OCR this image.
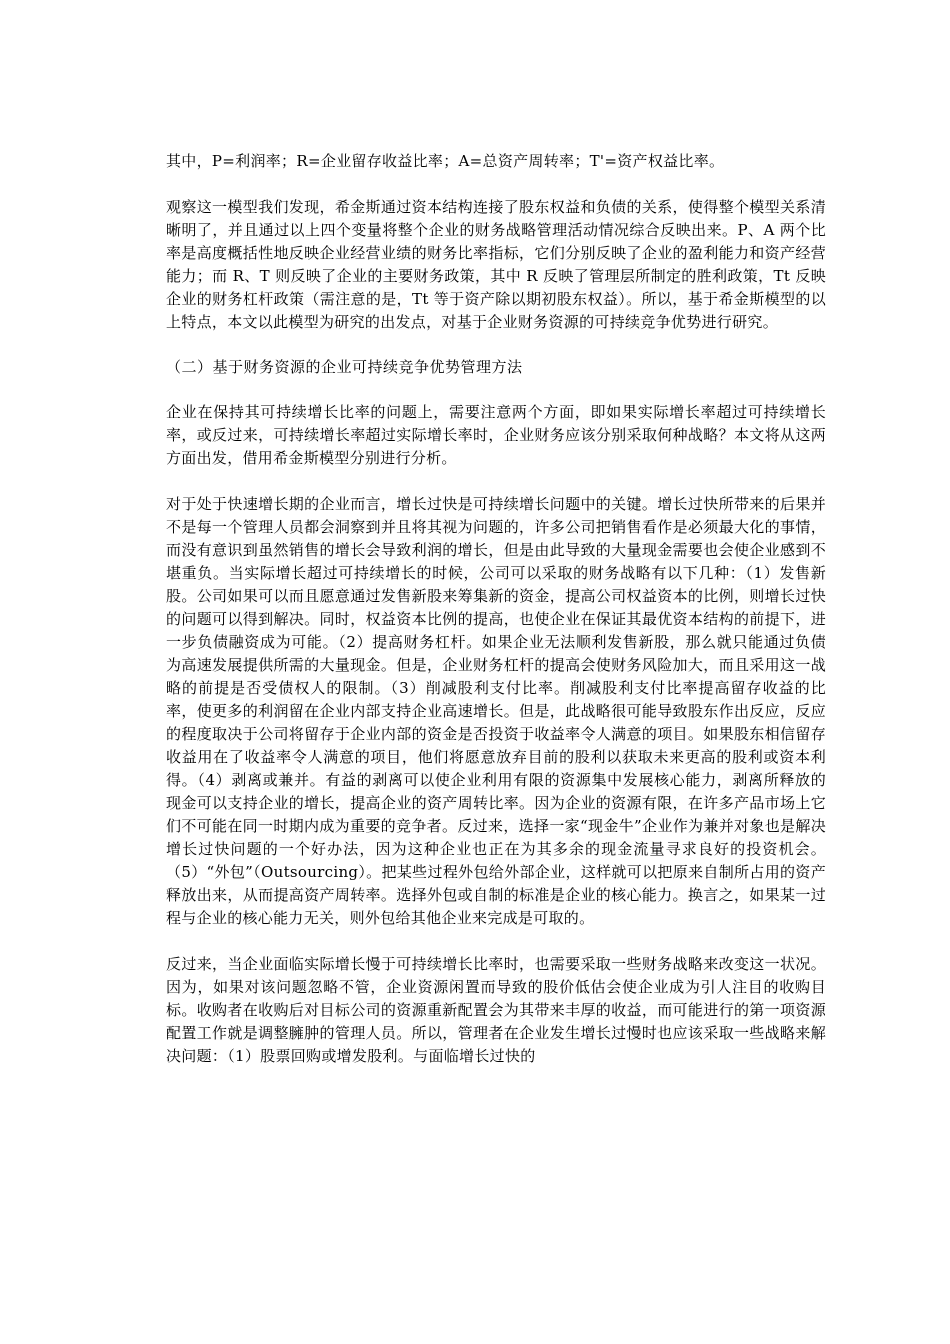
其中，P=利润率；R=企业留存收益比率；A=总资产周转率；T'=资产权益比率。

观察这一模型我们发现，希金斯通过资本结构连接了股东权益和负债的关系，使得整个模型关系清晰明了，并且通过以上四个变量将整个企业的财务战略管理活动情况综合反映出来。P、A 两个比率是高度概括性地反映企业经营业绩的财务比率指标，它们分别反映了企业的盈利能力和资产经营能力；而 R、T 则反映了企业的主要财务政策，其中 R 反映了管理层所制定的胜利政策，Tt 反映企业的财务杠杆政策（需注意的是，Tt 等于资产除以期初股东权益）。所以，基于希金斯模型的以上特点，本文以此模型为研究的出发点，对基于企业财务资源的可持续竞争优势进行研究。

（二）基于财务资源的企业可持续竞争优势管理方法

企业在保持其可持续增长比率的问题上，需要注意两个方面，即如果实际增长率超过可持续增长率，或反过来，可持续增长率超过实际增长率时，企业财务应该分别采取何种战略？本文将从这两方面出发，借用希金斯模型分别进行分析。

对于处于快速增长期的企业而言，增长过快是可持续增长问题中的关键。增长过快所带来的后果并不是每一个管理人员都会洞察到并且将其视为问题的，许多公司把销售看作是必须最大化的事情，而没有意识到虽然销售的增长会导致利润的增长，但是由此导致的大量现金需要也会使企业感到不堪重负。当实际增长超过可持续增长的时候，公司可以采取的财务战略有以下几种：（1）发售新股。公司如果可以而且愿意通过发售新股来筹集新的资金，提高公司权益资本的比例，则增长过快的问题可以得到解决。同时，权益资本比例的提高，也使企业在保证其最优资本结构的前提下，进一步负债融资成为可能。（2）提高财务杠杆。如果企业无法顺利发售新股，那么就只能通过负债为高速发展提供所需的大量现金。但是，企业财务杠杆的提高会使财务风险加大，而且采用这一战略的前提是否受债权人的限制。（3）削减股利支付比率。削减股利支付比率提高留存收益的比率，使更多的利润留在企业内部支持企业高速增长。但是，此战略很可能导致股东作出反应，反应的程度取决于公司将留存于企业内部的资金是否投资于收益率令人满意的项目。如果股东相信留存收益用在了收益率令人满意的项目，他们将愿意放弃目前的股利以获取未来更高的股利或资本利得。（4）剥离或兼并。有益的剥离可以使企业利用有限的资源集中发展核心能力，剥离所释放的现金可以支持企业的增长，提高企业的资产周转比率。因为企业的资源有限，在许多产品市场上它们不可能在同一时期内成为重要的竞争者。反过来，选择一家“现金牛”企业作为兼并对象也是解决增长过快问题的一个好办法，因为这种企业也正在为其多余的现金流量寻求良好的投资机会。（5）“外包”（Outsourcing）。把某些过程外包给外部企业，这样就可以把原来自制所占用的资产释放出来，从而提高资产周转率。选择外包或自制的标准是企业的核心能力。换言之，如果某一过程与企业的核心能力无关，则外包给其他企业来完成是可取的。

反过来，当企业面临实际增长慢于可持续增长比率时，也需要采取一些财务战略来改变这一状况。因为，如果对该问题忽略不管，企业资源闲置而导致的股价低估会使企业成为引人注目的收购目标。收购者在收购后对目标公司的资源重新配置会为其带来丰厚的收益，而可能进行的第一项资源配置工作就是调整臃肿的管理人员。所以，管理者在企业发生增长过慢时也应该采取一些战略来解决问题：（1）股票回购或增发股利。与面临增长过快的
